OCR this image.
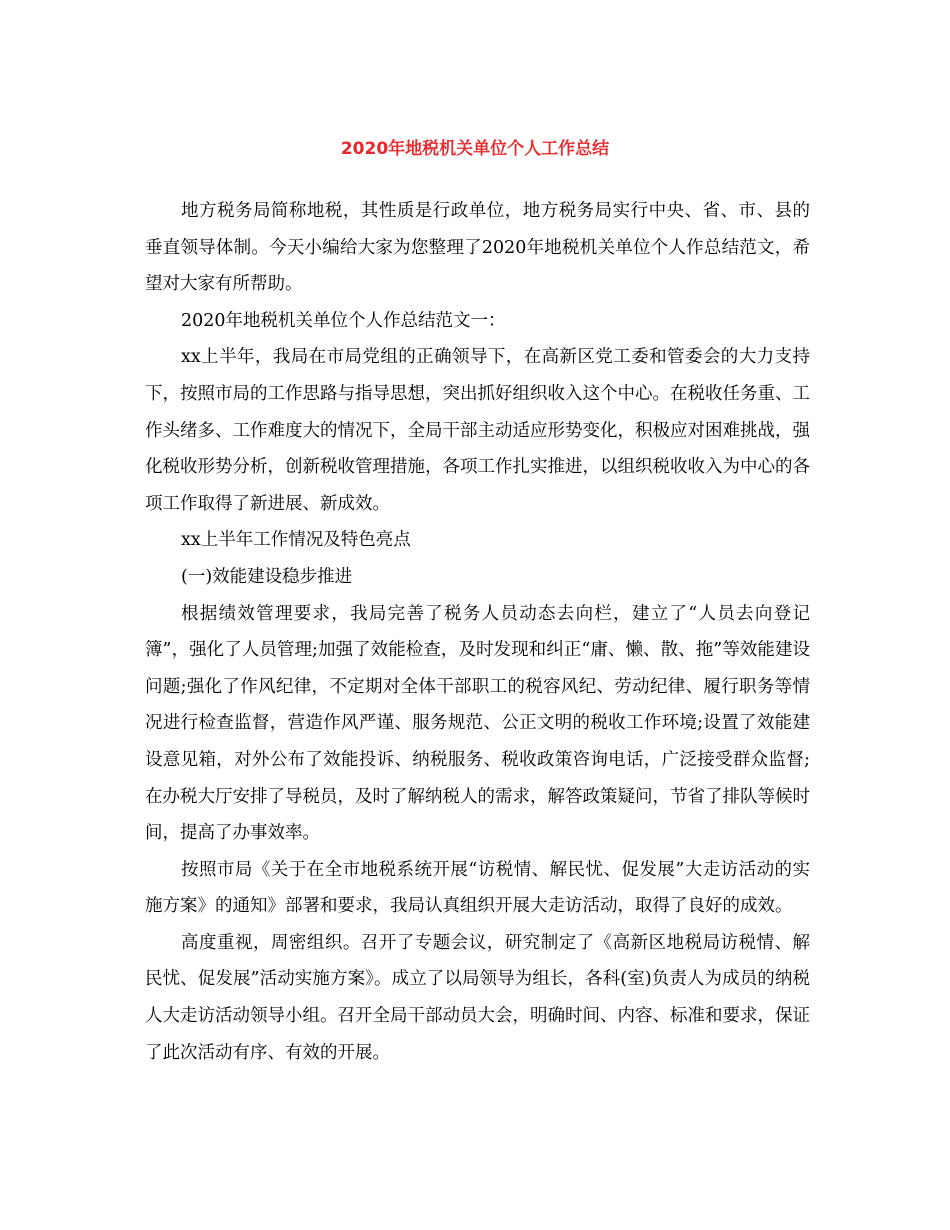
2020年地税机关单位个人工作总结

地方税务局简称地税，其性质是行政单位，地方税务局实行中央、省、市、县的垂直领导体制。今天小编给大家为您整理了2020年地税机关单位个人作总结范文，希望对大家有所帮助。

2020年地税机关单位个人作总结范文一：

xx上半年，我局在市局党组的正确领导下，在高新区党工委和管委会的大力支持下，按照市局的工作思路与指导思想，突出抓好组织收入这个中心。在税收任务重、工作头绪多、工作难度大的情况下，全局干部主动适应形势变化，积极应对困难挑战，强化税收形势分析，创新税收管理措施，各项工作扎实推进，以组织税收收入为中心的各项工作取得了新进展、新成效。

xx上半年工作情况及特色亮点

(一)效能建设稳步推进

根据绩效管理要求，我局完善了税务人员动态去向栏，建立了“人员去向登记簿”，强化了人员管理;加强了效能检查，及时发现和纠正“庸、懒、散、拖”等效能建设问题;强化了作风纪律，不定期对全体干部职工的税容风纪、劳动纪律、履行职务等情况进行检查监督，营造作风严谨、服务规范、公正文明的税收工作环境;设置了效能建设意见箱，对外公布了效能投诉、纳税服务、税收政策咨询电话，广泛接受群众监督;在办税大厅安排了导税员，及时了解纳税人的需求，解答政策疑问，节省了排队等候时间，提高了办事效率。

按照市局《关于在全市地税系统开展“访税情、解民忧、促发展”大走访活动的实施方案》的通知》部署和要求，我局认真组织开展大走访活动，取得了良好的成效。

高度重视，周密组织。召开了专题会议，研究制定了《高新区地税局访税情、解民忧、促发展”活动实施方案》。成立了以局领导为组长，各科(室)负责人为成员的纳税人大走访活动领导小组。召开全局干部动员大会，明确时间、内容、标准和要求，保证了此次活动有序、有效的开展。
